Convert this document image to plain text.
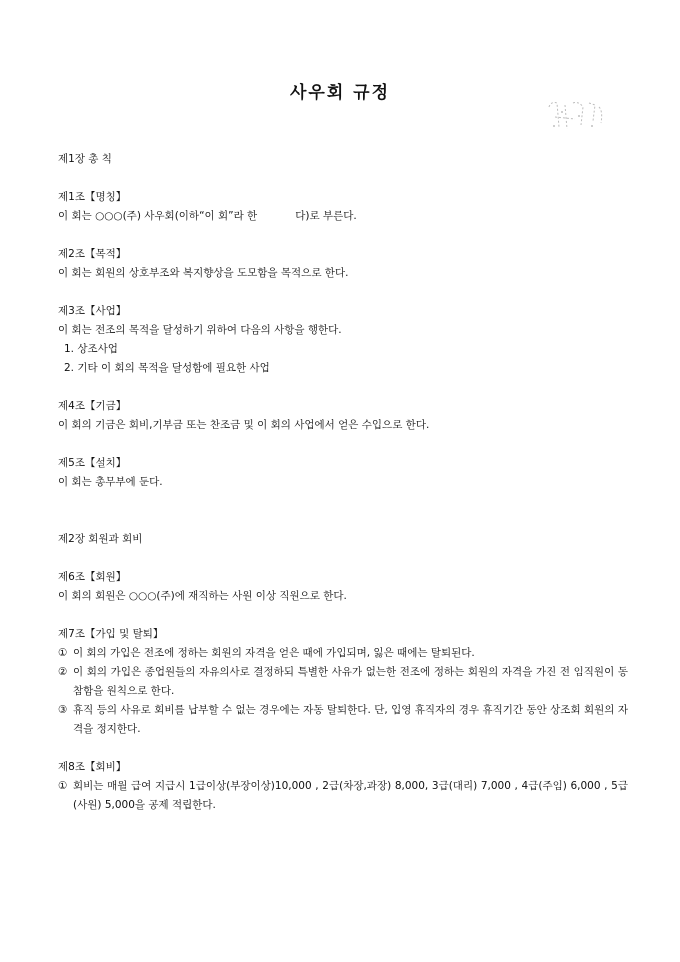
사우회 규정

제1장 총 칙

제1조【명칭】

이 회는 ○○○(주) 사우회(이하“이 회”라 한	다)로 부른다.

제2조【목적】

이 회는 회원의 상호부조와 복지향상을 도모함을 목적으로 한다.

제3조【사업】

이 회는 전조의 목적을 달성하기 위하여 다음의 사항을 행한다.

1. 상조사업

2. 기타 이 회의 목적을 달성함에 필요한 사업

제4조【기금】

이 회의 기금은 회비,기부금 또는 찬조금 및 이 회의 사업에서 얻은 수입으로 한다.

제5조【설치】

이 회는 총무부에 둔다.

제2장 회원과 회비

제6조【회원】

이 회의 회원은 ○○○(주)에 재직하는 사원 이상 직원으로 한다.

제7조【가입 및 탈퇴】

① 이 회의 가입은 전조에 정하는 회원의 자격을 얻은 때에 가입되며, 잃은 때에는 탈퇴된다.
② 이 회의 가입은 종업원들의 자유의사로 결정하되 특별한 사유가 없는한 전조에 정하는 회원의 자격을 가진 전 임직원이 동참함을 원칙으로 한다.
③ 휴직 등의 사유로 회비를 납부할 수 없는 경우에는 자동 탈퇴한다. 단, 입영 휴직자의 경우 휴직기간 동안 상조회 회원의 자격을 정지한다.

제8조【회비】

① 회비는 매월 급여 지급시 1급이상(부장이상)10,000 , 2급(차장,과장) 8,000, 3급(대리) 7,000 , 4급(주임) 6,000 , 5급(사원) 5,000을 공제 적립한다.
